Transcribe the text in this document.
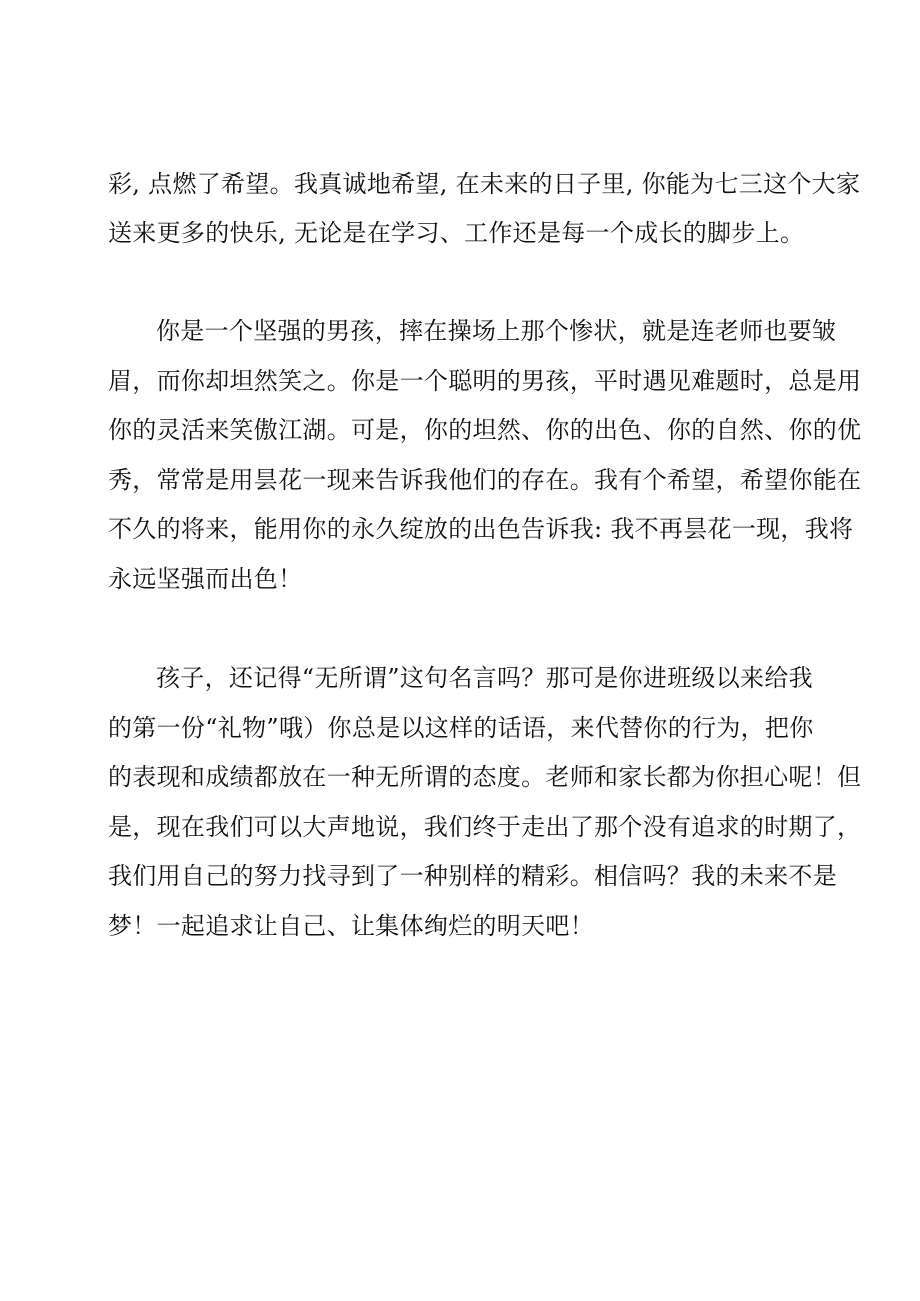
彩, 点燃了希望。我真诚地希望, 在未来的日子里, 你能为七三这个大家
送来更多的快乐, 无论是在学习、工作还是每一个成长的脚步上。
你是一个坚强的男孩，摔在操场上那个惨状，就是连老师也要皱
眉，而你却坦然笑之。你是一个聪明的男孩，平时遇见难题时，总是用
你的灵活来笑傲江湖。可是，你的坦然、你的出色、你的自然、你的优
秀，常常是用昙花一现来告诉我他们的存在。我有个希望，希望你能在
不久的将来，能用你的永久绽放的出色告诉我: 我不再昙花一现，我将
永远坚强而出色！
孩子，还记得“无所谓”这句名言吗？那可是你进班级以来给我
的第一份“礼物”哦）你总是以这样的话语，来代替你的行为，把你
的表现和成绩都放在一种无所谓的态度。老师和家长都为你担心呢！但
是，现在我们可以大声地说，我们终于走出了那个没有追求的时期了，
我们用自己的努力找寻到了一种别样的精彩。相信吗？我的未来不是
梦！一起追求让自己、让集体绚烂的明天吧！
